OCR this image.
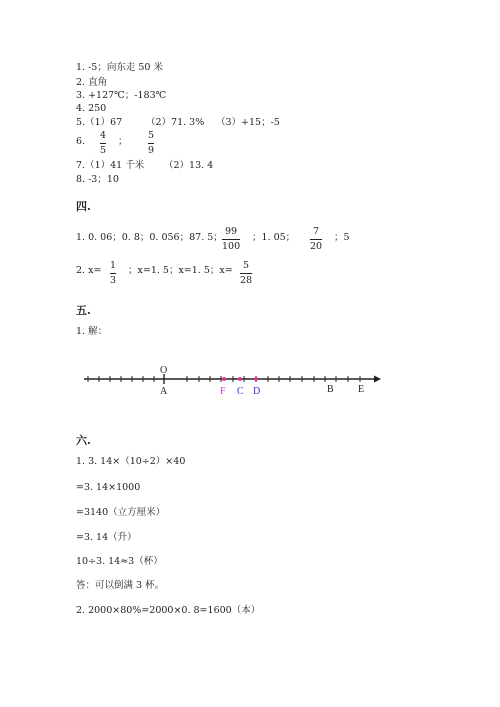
1. -5；向东走 50 米
2. 直角
3. +127℃；-183℃
4. 250
5.（1）67	（2）71. 3% （3）+15；-5
6.
4
5
；
5
9
7.（1）41 千米 （2）13. 4
8. -3；10
四.
1. 0. 06；0. 8；0. 056；87. 5；
99
100
；1. 05；
7
20
；5
2. x= 1
3
；x=1. 5；x=1. 5；x= 5
28
五.
1. 解：
O
A	F C D	B E
六.
1. 3. 14×（10÷2）×40
=3. 14×1000
=3140（立方厘米）
=3. 14（升）
10÷3. 14≈3（杯）
答：可以倒满 3 杯。
2. 2000×80%=2000×0. 8=1600（本）
